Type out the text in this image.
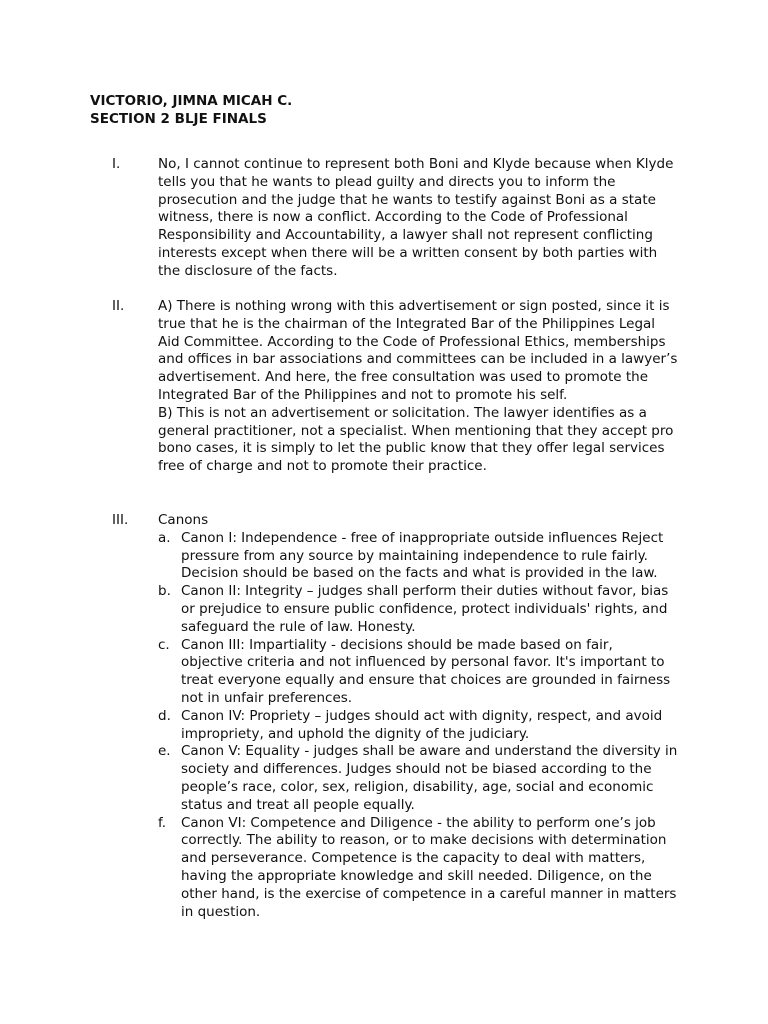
VICTORIO, JIMNA MICAH C.
SECTION 2 BLJE FINALS
I.	No, I cannot continue to represent both Boni and Klyde because when Klyde tells you that he wants to plead guilty and directs you to inform the prosecution and the judge that he wants to testify against Boni as a state witness, there is now a conflict. According to the Code of Professional Responsibility and Accountability, a lawyer shall not represent conflicting interests except when there will be a written consent by both parties with the disclosure of the facts.

II. A) There is nothing wrong with this advertisement or sign posted, since it is true that he is the chairman of the Integrated Bar of the Philippines Legal Aid Committee. According to the Code of Professional Ethics, memberships and offices in bar associations and committees can be included in a lawyer’s advertisement. And here, the free consultation was used to promote the Integrated Bar of the Philippines and not to promote his self.

B) This is not an advertisement or solicitation. The lawyer identifies as a general practitioner, not a specialist. When mentioning that they accept pro bono cases, it is simply to let the public know that they offer legal services free of charge and not to promote their practice.

III. Canons

a. Canon I: Independence - free of inappropriate outside influences Reject pressure from any source by maintaining independence to rule fairly. Decision should be based on the facts and what is provided in the law.
b. Canon II: Integrity – judges shall perform their duties without favor, bias or prejudice to ensure public confidence, protect individuals' rights, and safeguard the rule of law. Honesty.
c. Canon III: Impartiality - decisions should be made based on fair, objective criteria and not influenced by personal favor. It's important to treat everyone equally and ensure that choices are grounded in fairness not in unfair preferences.
d. Canon IV: Propriety – judges should act with dignity, respect, and avoid impropriety, and uphold the dignity of the judiciary.
e. Canon V: Equality - judges shall be aware and understand the diversity in society and differences. Judges should not be biased according to the people’s race, color, sex, religion, disability, age, social and economic status and treat all people equally.
f. Canon VI: Competence and Diligence - the ability to perform one’s job correctly. The ability to reason, or to make decisions with determination and perseverance. Competence is the capacity to deal with matters, having the appropriate knowledge and skill needed. Diligence, on the other hand, is the exercise of competence in a careful manner in matters in question.
